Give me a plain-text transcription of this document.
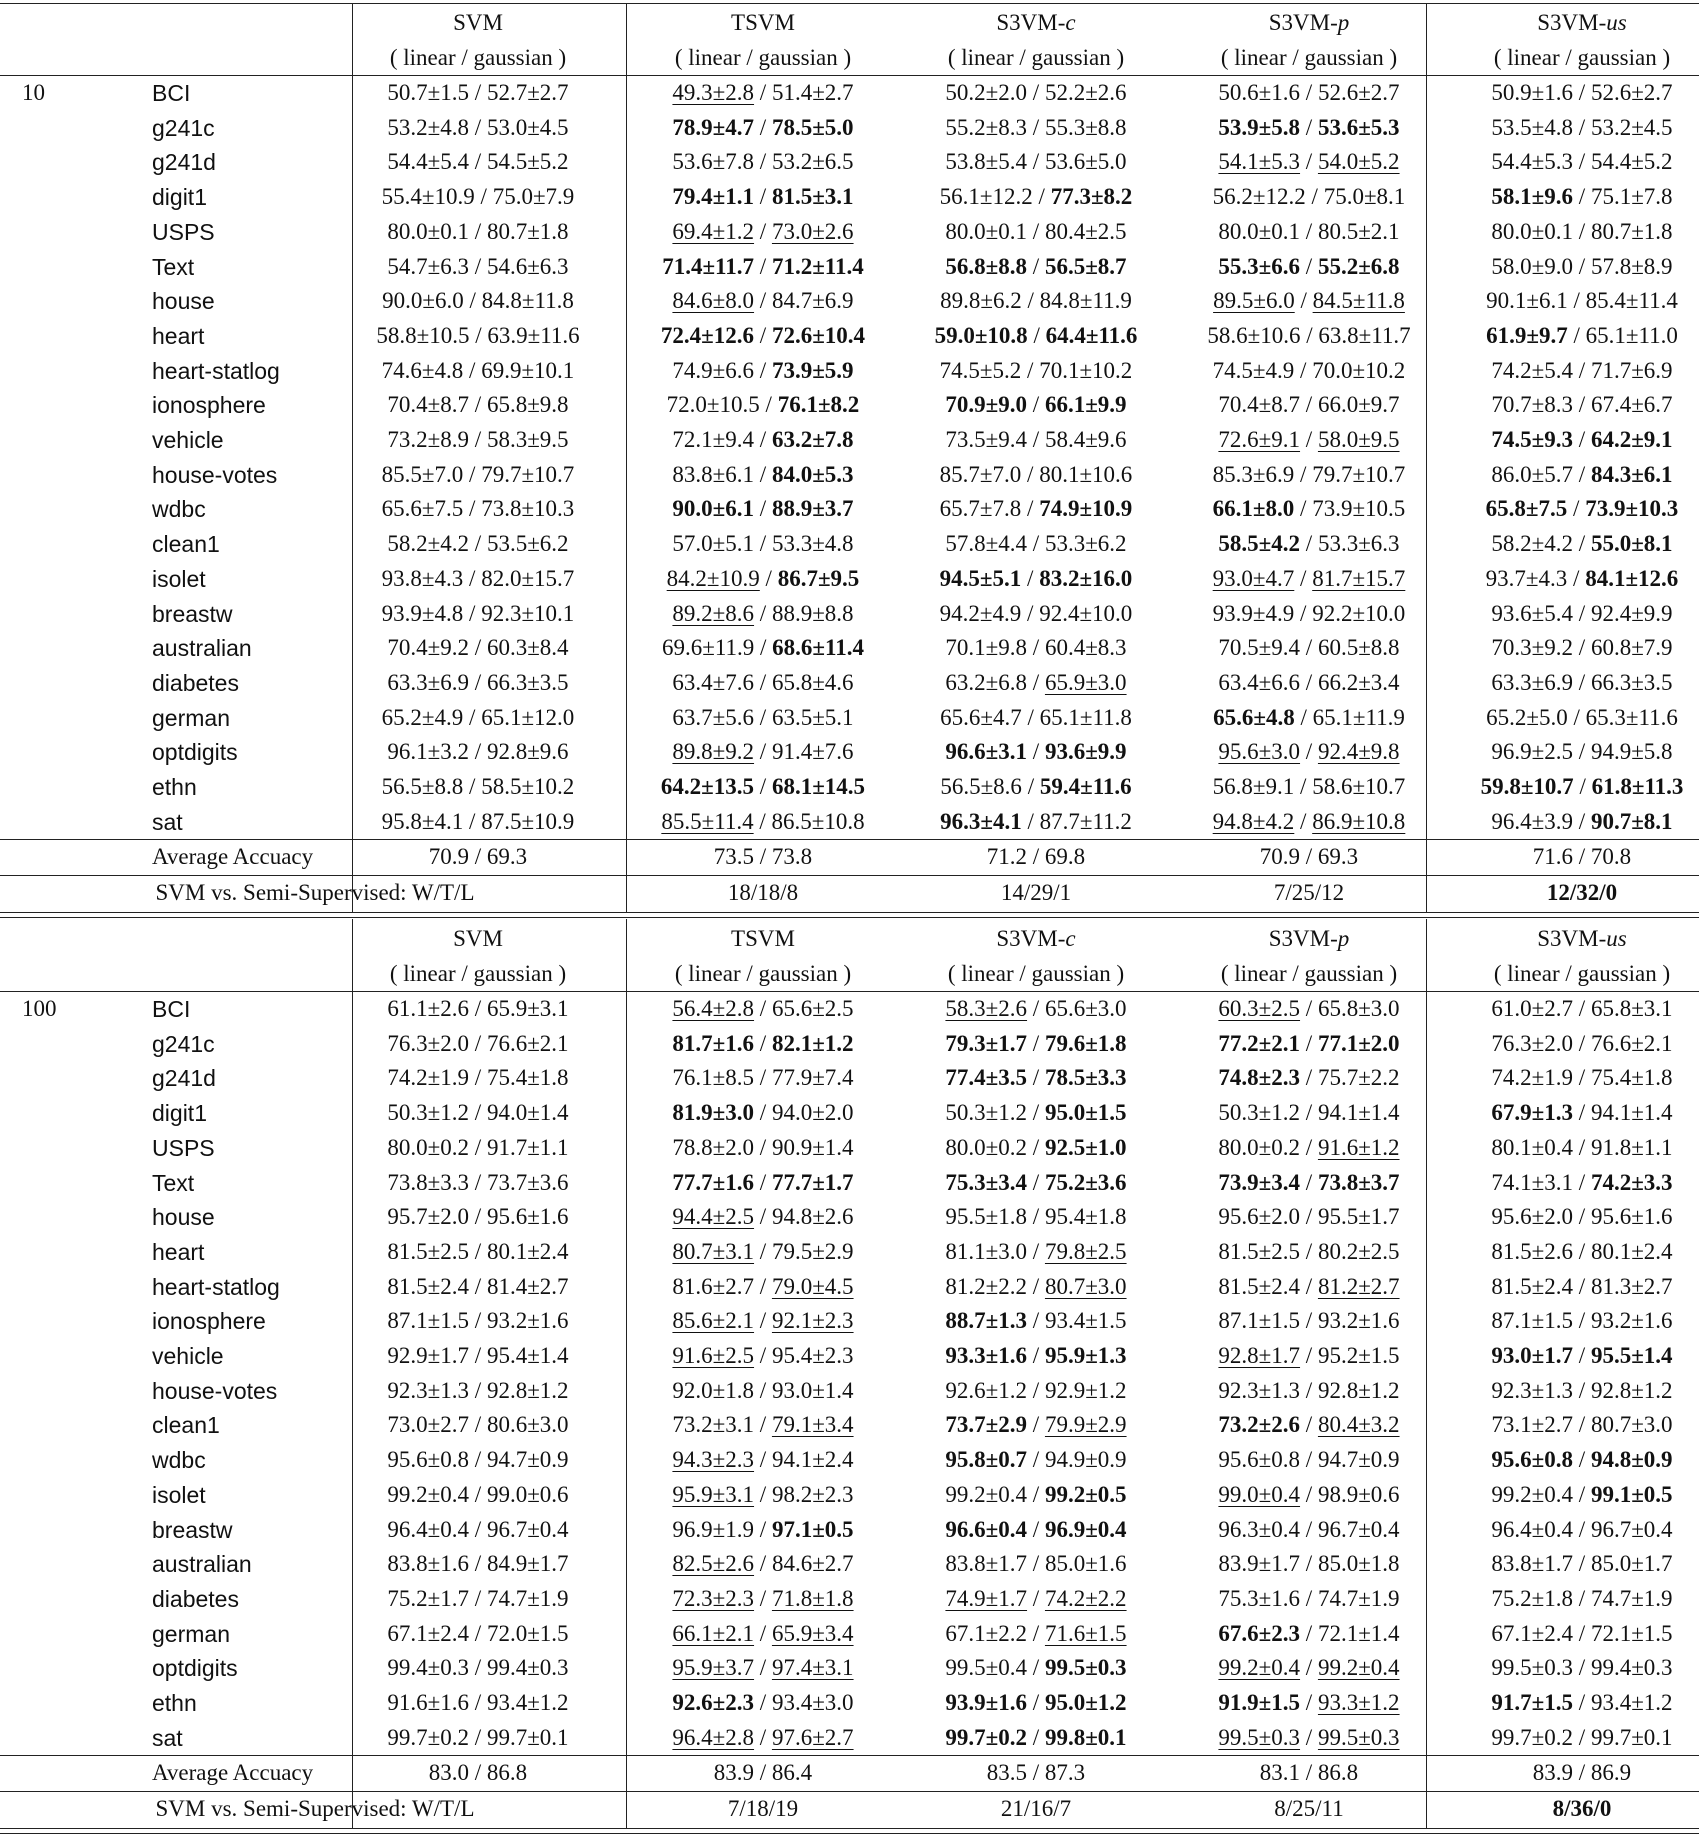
SVM	TSVM	S3VM-c	S3VM-p	S3VM-us
( linear / gaussian )	( linear / gaussian )	( linear / gaussian )	( linear / gaussian )	( linear / gaussian )
10	BCI	50.7±1.5 / 52.7±2.7	49.3±2.8 / 51.4±2.7	50.2±2.0 / 52.2±2.6	50.6±1.6 / 52.6±2.7	50.9±1.6 / 52.6±2.7
g241c	53.2±4.8 / 53.0±4.5	78.9±4.7 / 78.5±5.0	55.2±8.3 / 55.3±8.8	53.9±5.8 / 53.6±5.3	53.5±4.8 / 53.2±4.5
g241d	54.4±5.4 / 54.5±5.2	53.6±7.8 / 53.2±6.5	53.8±5.4 / 53.6±5.0	54.1±5.3 / 54.0±5.2	54.4±5.3 / 54.4±5.2
digit1	55.4±10.9 / 75.0±7.9	79.4±1.1 / 81.5±3.1	56.1±12.2 / 77.3±8.2	56.2±12.2 / 75.0±8.1	58.1±9.6 / 75.1±7.8
USPS	80.0±0.1 / 80.7±1.8	69.4±1.2 / 73.0±2.6	80.0±0.1 / 80.4±2.5	80.0±0.1 / 80.5±2.1	80.0±0.1 / 80.7±1.8
Text	54.7±6.3 / 54.6±6.3	71.4±11.7 / 71.2±11.4	56.8±8.8 / 56.5±8.7	55.3±6.6 / 55.2±6.8	58.0±9.0 / 57.8±8.9
house	90.0±6.0 / 84.8±11.8	84.6±8.0 / 84.7±6.9	89.8±6.2 / 84.8±11.9	89.5±6.0 / 84.5±11.8	90.1±6.1 / 85.4±11.4
heart	58.8±10.5 / 63.9±11.6	72.4±12.6 / 72.6±10.4	59.0±10.8 / 64.4±11.6	58.6±10.6 / 63.8±11.7	61.9±9.7 / 65.1±11.0
heart-statlog	74.6±4.8 / 69.9±10.1	74.9±6.6 / 73.9±5.9	74.5±5.2 / 70.1±10.2	74.5±4.9 / 70.0±10.2	74.2±5.4 / 71.7±6.9
ionosphere	70.4±8.7 / 65.8±9.8	72.0±10.5 / 76.1±8.2	70.9±9.0 / 66.1±9.9	70.4±8.7 / 66.0±9.7	70.7±8.3 / 67.4±6.7
vehicle	73.2±8.9 / 58.3±9.5	72.1±9.4 / 63.2±7.8	73.5±9.4 / 58.4±9.6	72.6±9.1 / 58.0±9.5	74.5±9.3 / 64.2±9.1
house-votes	85.5±7.0 / 79.7±10.7	83.8±6.1 / 84.0±5.3	85.7±7.0 / 80.1±10.6	85.3±6.9 / 79.7±10.7	86.0±5.7 / 84.3±6.1
wdbc	65.6±7.5 / 73.8±10.3	90.0±6.1 / 88.9±3.7	65.7±7.8 / 74.9±10.9	66.1±8.0 / 73.9±10.5	65.8±7.5 / 73.9±10.3
clean1	58.2±4.2 / 53.5±6.2	57.0±5.1 / 53.3±4.8	57.8±4.4 / 53.3±6.2	58.5±4.2 / 53.3±6.3	58.2±4.2 / 55.0±8.1
isolet	93.8±4.3 / 82.0±15.7	84.2±10.9 / 86.7±9.5	94.5±5.1 / 83.2±16.0	93.0±4.7 / 81.7±15.7	93.7±4.3 / 84.1±12.6
breastw	93.9±4.8 / 92.3±10.1	89.2±8.6 / 88.9±8.8	94.2±4.9 / 92.4±10.0	93.9±4.9 / 92.2±10.0	93.6±5.4 / 92.4±9.9
australian	70.4±9.2 / 60.3±8.4	69.6±11.9 / 68.6±11.4	70.1±9.8 / 60.4±8.3	70.5±9.4 / 60.5±8.8	70.3±9.2 / 60.8±7.9
diabetes	63.3±6.9 / 66.3±3.5	63.4±7.6 / 65.8±4.6	63.2±6.8 / 65.9±3.0	63.4±6.6 / 66.2±3.4	63.3±6.9 / 66.3±3.5
german	65.2±4.9 / 65.1±12.0	63.7±5.6 / 63.5±5.1	65.6±4.7 / 65.1±11.8	65.6±4.8 / 65.1±11.9	65.2±5.0 / 65.3±11.6
optdigits	96.1±3.2 / 92.8±9.6	89.8±9.2 / 91.4±7.6	96.6±3.1 / 93.6±9.9	95.6±3.0 / 92.4±9.8	96.9±2.5 / 94.9±5.8
ethn	56.5±8.8 / 58.5±10.2	64.2±13.5 / 68.1±14.5	56.5±8.6 / 59.4±11.6	56.8±9.1 / 58.6±10.7	59.8±10.7 / 61.8±11.3
sat	95.8±4.1 / 87.5±10.9	85.5±11.4 / 86.5±10.8	96.3±4.1 / 87.7±11.2	94.8±4.2 / 86.9±10.8	96.4±3.9 / 90.7±8.1
Average Accuacy	70.9 / 69.3	73.5 / 73.8	71.2 / 69.8	70.9 / 69.3	71.6 / 70.8
SVM vs. Semi-Supervised: W/T/L	18/18/8	14/29/1	7/25/12	12/32/0
SVM	TSVM	S3VM-c	S3VM-p	S3VM-us
( linear / gaussian )	( linear / gaussian )	( linear / gaussian )	( linear / gaussian )	( linear / gaussian )
100	BCI	61.1±2.6 / 65.9±3.1	56.4±2.8 / 65.6±2.5	58.3±2.6 / 65.6±3.0	60.3±2.5 / 65.8±3.0	61.0±2.7 / 65.8±3.1
g241c	76.3±2.0 / 76.6±2.1	81.7±1.6 / 82.1±1.2	79.3±1.7 / 79.6±1.8	77.2±2.1 / 77.1±2.0	76.3±2.0 / 76.6±2.1
g241d	74.2±1.9 / 75.4±1.8	76.1±8.5 / 77.9±7.4	77.4±3.5 / 78.5±3.3	74.8±2.3 / 75.7±2.2	74.2±1.9 / 75.4±1.8
digit1	50.3±1.2 / 94.0±1.4	81.9±3.0 / 94.0±2.0	50.3±1.2 / 95.0±1.5	50.3±1.2 / 94.1±1.4	67.9±1.3 / 94.1±1.4
USPS	80.0±0.2 / 91.7±1.1	78.8±2.0 / 90.9±1.4	80.0±0.2 / 92.5±1.0	80.0±0.2 / 91.6±1.2	80.1±0.4 / 91.8±1.1
Text	73.8±3.3 / 73.7±3.6	77.7±1.6 / 77.7±1.7	75.3±3.4 / 75.2±3.6	73.9±3.4 / 73.8±3.7	74.1±3.1 / 74.2±3.3
house	95.7±2.0 / 95.6±1.6	94.4±2.5 / 94.8±2.6	95.5±1.8 / 95.4±1.8	95.6±2.0 / 95.5±1.7	95.6±2.0 / 95.6±1.6
heart	81.5±2.5 / 80.1±2.4	80.7±3.1 / 79.5±2.9	81.1±3.0 / 79.8±2.5	81.5±2.5 / 80.2±2.5	81.5±2.6 / 80.1±2.4
heart-statlog	81.5±2.4 / 81.4±2.7	81.6±2.7 / 79.0±4.5	81.2±2.2 / 80.7±3.0	81.5±2.4 / 81.2±2.7	81.5±2.4 / 81.3±2.7
ionosphere	87.1±1.5 / 93.2±1.6	85.6±2.1 / 92.1±2.3	88.7±1.3 / 93.4±1.5	87.1±1.5 / 93.2±1.6	87.1±1.5 / 93.2±1.6
vehicle	92.9±1.7 / 95.4±1.4	91.6±2.5 / 95.4±2.3	93.3±1.6 / 95.9±1.3	92.8±1.7 / 95.2±1.5	93.0±1.7 / 95.5±1.4
house-votes	92.3±1.3 / 92.8±1.2	92.0±1.8 / 93.0±1.4	92.6±1.2 / 92.9±1.2	92.3±1.3 / 92.8±1.2	92.3±1.3 / 92.8±1.2
clean1	73.0±2.7 / 80.6±3.0	73.2±3.1 / 79.1±3.4	73.7±2.9 / 79.9±2.9	73.2±2.6 / 80.4±3.2	73.1±2.7 / 80.7±3.0
wdbc	95.6±0.8 / 94.7±0.9	94.3±2.3 / 94.1±2.4	95.8±0.7 / 94.9±0.9	95.6±0.8 / 94.7±0.9	95.6±0.8 / 94.8±0.9
isolet	99.2±0.4 / 99.0±0.6	95.9±3.1 / 98.2±2.3	99.2±0.4 / 99.2±0.5	99.0±0.4 / 98.9±0.6	99.2±0.4 / 99.1±0.5
breastw	96.4±0.4 / 96.7±0.4	96.9±1.9 / 97.1±0.5	96.6±0.4 / 96.9±0.4	96.3±0.4 / 96.7±0.4	96.4±0.4 / 96.7±0.4
australian	83.8±1.6 / 84.9±1.7	82.5±2.6 / 84.6±2.7	83.8±1.7 / 85.0±1.6	83.9±1.7 / 85.0±1.8	83.8±1.7 / 85.0±1.7
diabetes	75.2±1.7 / 74.7±1.9	72.3±2.3 / 71.8±1.8	74.9±1.7 / 74.2±2.2	75.3±1.6 / 74.7±1.9	75.2±1.8 / 74.7±1.9
german	67.1±2.4 / 72.0±1.5	66.1±2.1 / 65.9±3.4	67.1±2.2 / 71.6±1.5	67.6±2.3 / 72.1±1.4	67.1±2.4 / 72.1±1.5
optdigits	99.4±0.3 / 99.4±0.3	95.9±3.7 / 97.4±3.1	99.5±0.4 / 99.5±0.3	99.2±0.4 / 99.2±0.4	99.5±0.3 / 99.4±0.3
ethn	91.6±1.6 / 93.4±1.2	92.6±2.3 / 93.4±3.0	93.9±1.6 / 95.0±1.2	91.9±1.5 / 93.3±1.2	91.7±1.5 / 93.4±1.2
sat	99.7±0.2 / 99.7±0.1	96.4±2.8 / 97.6±2.7	99.7±0.2 / 99.8±0.1	99.5±0.3 / 99.5±0.3	99.7±0.2 / 99.7±0.1
Average Accuacy	83.0 / 86.8	83.9 / 86.4	83.5 / 87.3	83.1 / 86.8	83.9 / 86.9
SVM vs. Semi-Supervised: W/T/L	7/18/19	21/16/7	8/25/11	8/36/0
